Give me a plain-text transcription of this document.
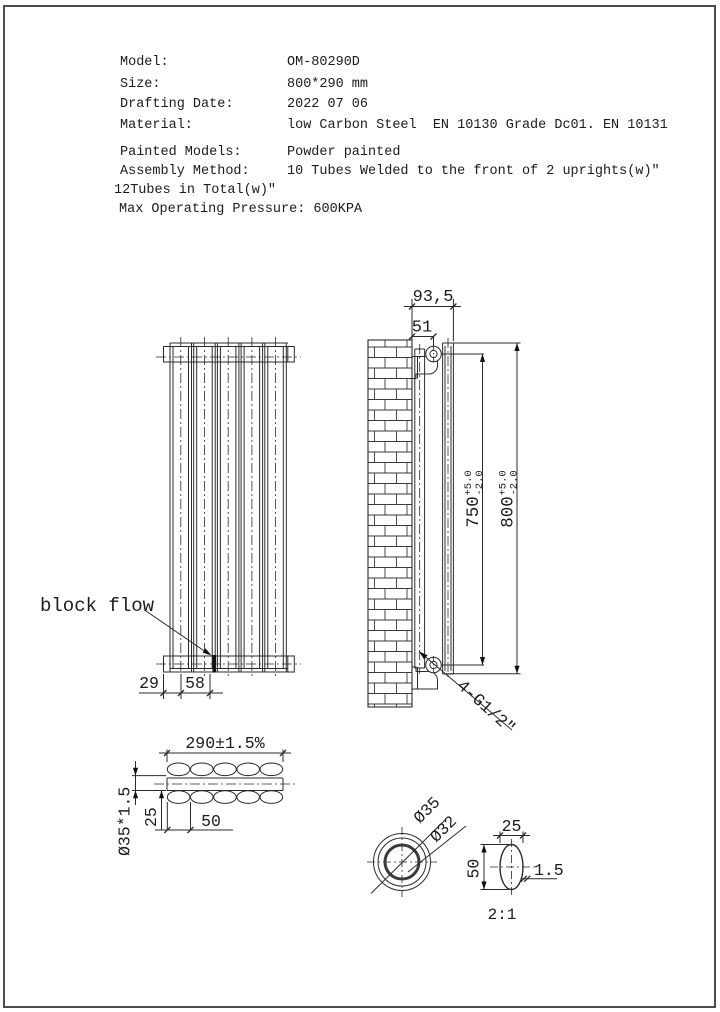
Model:	OM-80290D
Size:	800*290 mm
Drafting Date:	2022 07 06
Material:	low Carbon Steel  EN 10130 Grade Dc01. EN 10131
Painted Models:	Powder painted
Assembly Method:	10 Tubes Welded to the front of 2 uprights(w)″
12Tubes in Total(w)″
Max Operating Pressure: 600KPA
29 58
block flow
93,5
51
750
+5.0 -2.0
800
+5.0 -2.0
4-G1/2″
290±1.5%
Ø35*1.5 25 50	Ø35
Ø32 25
50	1.5
2:1
